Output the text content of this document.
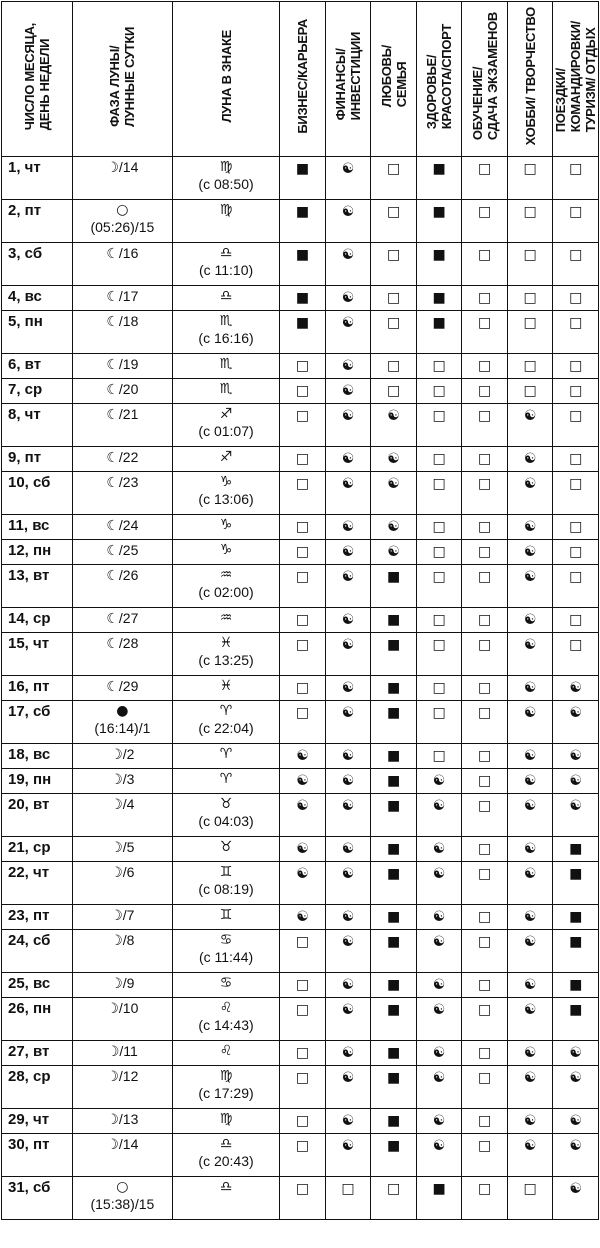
ЧИСЛО МЕСЯЦА,
ДЕНЬ НЕДЕЛИ	ФАЗА ЛУНЫ/
ЛУННЫЕ СУТКИ	ЛУНА В ЗНАКЕ	БИЗНЕС/КАРЬЕРА	ФИНАНСЫ/
ИНВЕСТИЦИИ	ЛЮБОВЬ/
СЕМЬЯ	ЗДОРОВЬЕ/
КРАСОТА/СПОРТ	ОБУЧЕНИЕ/
СДАЧА ЭКЗАМЕНОВ	ХОББИ/ ТВОРЧЕСТВО	ПОЕЗДКИ/
КОМАНДИРОВКИ/
ТУРИЗМ/ ОТДЫХ
1, чт	☽/14	♍
(с 08:50)	■	☯	□	■	□	□	□
2, пт	○
(05:26)/15	♍	■	☯	□	■	□	□	□
3, сб	☾/16	♎
(с 11:10)	■	☯	□	■	□	□	□
4, вс	☾/17	♎	■	☯	□	■	□	□	□
5, пн	☾/18	♏
(с 16:16)	■	☯	□	■	□	□	□
6, вт	☾/19	♏	□	☯	□	□	□	□	□
7, ср	☾/20	♏	□	☯	□	□	□	□	□
8, чт	☾/21	♐
(с 01:07)	□	☯	☯	□	□	☯	□
9, пт	☾/22	♐	□	☯	☯	□	□	☯	□
10, сб	☾/23	♑
(с 13:06)	□	☯	☯	□	□	☯	□
11, вс	☾/24	♑	□	☯	☯	□	□	☯	□
12, пн	☾/25	♑	□	☯	☯	□	□	☯	□
13, вт	☾/26	♒
(с 02:00)	□	☯	■	□	□	☯	□
14, ср	☾/27	♒	□	☯	■	□	□	☯	□
15, чт	☾/28	♓
(с 13:25)	□	☯	■	□	□	☯	□
16, пт	☾/29	♓	□	☯	■	□	□	☯	☯
17, сб	●
(16:14)/1	♈
(с 22:04)	□	☯	■	□	□	☯	☯
18, вс	☽/2	♈	☯	☯	■	□	□	☯	☯
19, пн	☽/3	♈	☯	☯	■	☯	□	☯	☯
20, вт	☽/4	♉
(с 04:03)	☯	☯	■	☯	□	☯	☯
21, ср	☽/5	♉	☯	☯	■	☯	□	☯	■
22, чт	☽/6	♊
(с 08:19)	☯	☯	■	☯	□	☯	■
23, пт	☽/7	♊	☯	☯	■	☯	□	☯	■
24, сб	☽/8	♋
(с 11:44)	□	☯	■	☯	□	☯	■
25, вс	☽/9	♋	□	☯	■	☯	□	☯	■
26, пн	☽/10	♌
(с 14:43)	□	☯	■	☯	□	☯	■
27, вт	☽/11	♌	□	☯	■	☯	□	☯	☯
28, ср	☽/12	♍
(с 17:29)	□	☯	■	☯	□	☯	☯
29, чт	☽/13	♍	□	☯	■	☯	□	☯	☯
30, пт	☽/14	♎
(с 20:43)	□	☯	■	☯	□	☯	☯
31, сб	○
(15:38)/15	♎	□	□	□	■	□	□	☯
